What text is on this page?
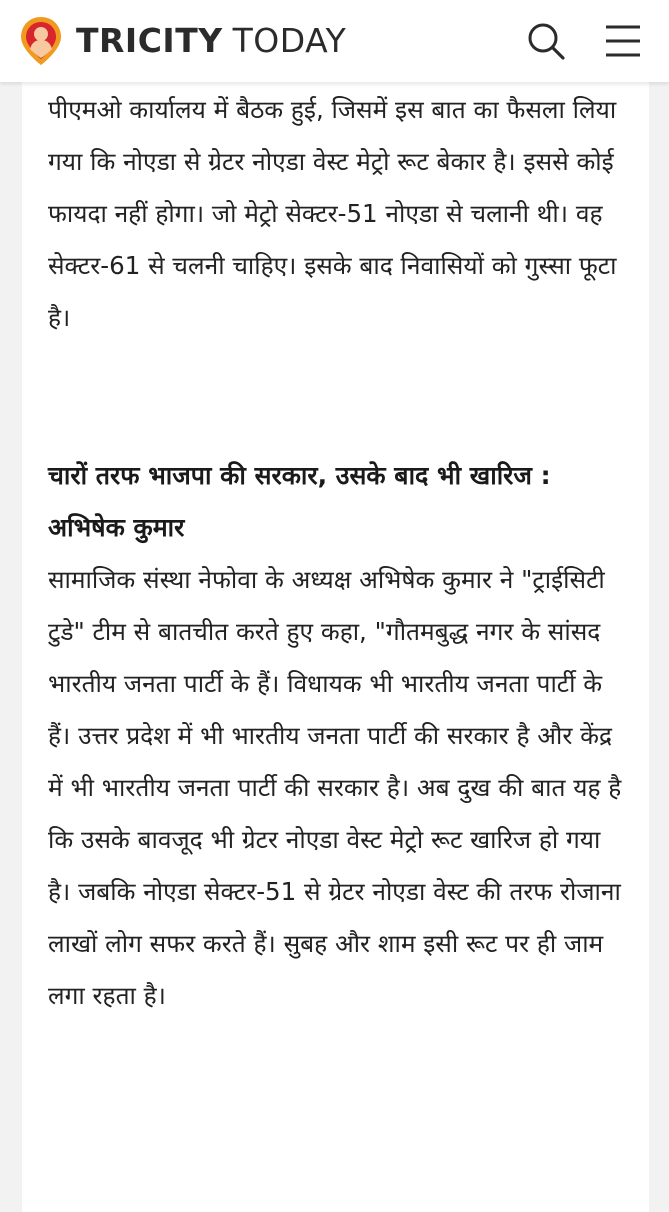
TRICITY TODAY

पीएमओ कार्यालय में बैठक हुई, जिसमें इस बात का फैसला लिया गया कि नोएडा से ग्रेटर नोएडा वेस्ट मेट्रो रूट बेकार है। इससे कोई फायदा नहीं होगा। जो मेट्रो सेक्टर-51 नोएडा से चलानी थी। वह सेक्टर-61 से चलनी चाहिए। इसके बाद निवासियों को गुस्सा फूटा है।

चारों तरफ भाजपा की सरकार, उसके बाद भी खारिज : अभिषेक कुमार

सामाजिक संस्था नेफोवा के अध्यक्ष अभिषेक कुमार ने "ट्राईसिटी टुडे" टीम से बातचीत करते हुए कहा, "गौतमबुद्ध नगर के सांसद भारतीय जनता पार्टी के हैं। विधायक भी भारतीय जनता पार्टी के हैं। उत्तर प्रदेश में भी भारतीय जनता पार्टी की सरकार है और केंद्र में भी भारतीय जनता पार्टी की सरकार है। अब दुख की बात यह है कि उसके बावजूद भी ग्रेटर नोएडा वेस्ट मेट्रो रूट खारिज हो गया है। जबकि नोएडा सेक्टर-51 से ग्रेटर नोएडा वेस्ट की तरफ रोजाना लाखों लोग सफर करते हैं। सुबह और शाम इसी रूट पर ही जाम लगा रहता है।
